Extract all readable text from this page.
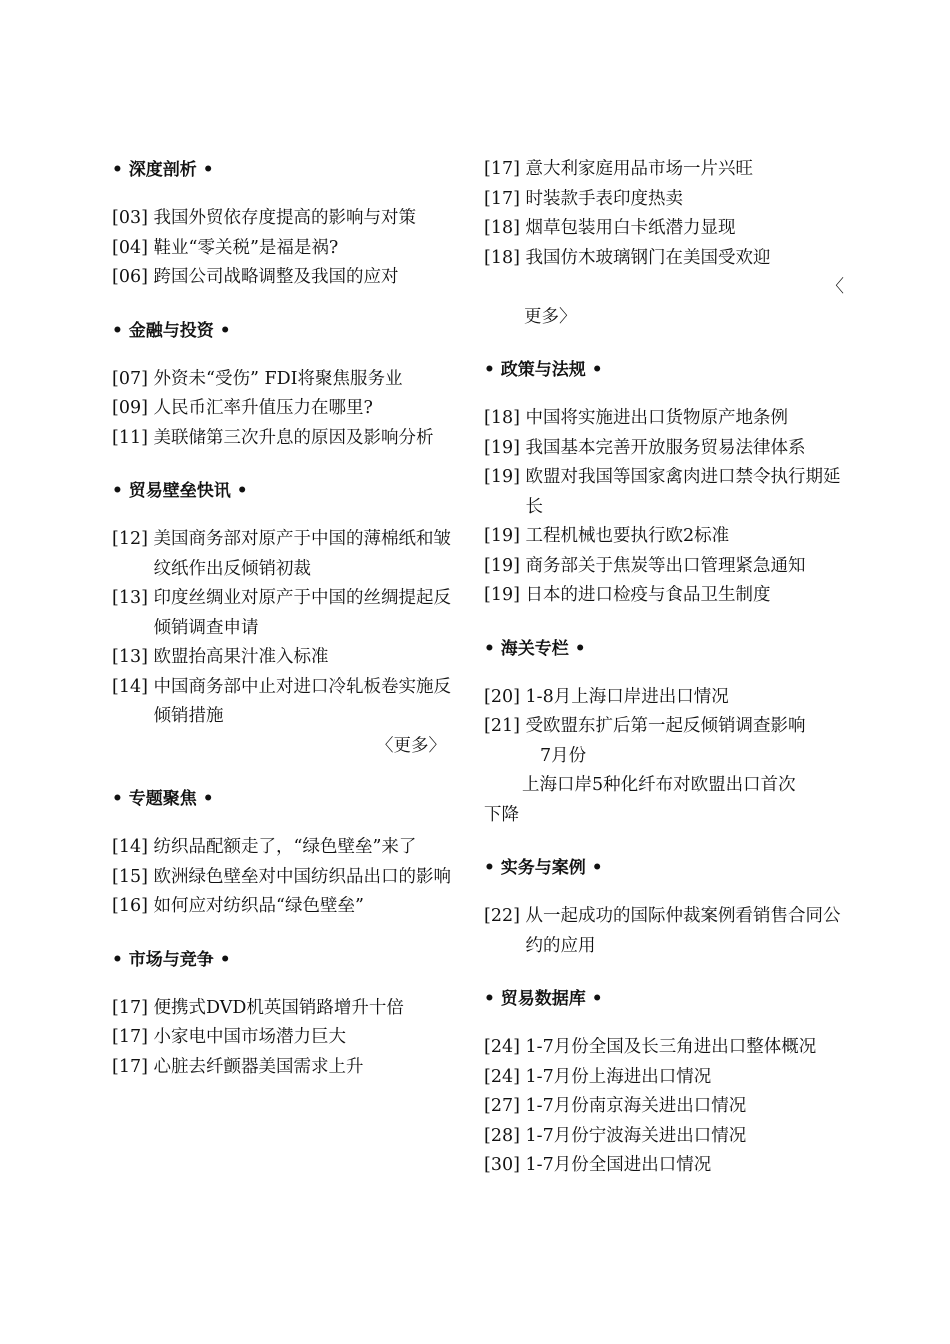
• 深度剖析 •
[03]
我国外贸依存度提高的影响与对策
[04]
鞋业“零关税”是福是祸?
[06]
跨国公司战略调整及我国的应对
• 金融与投资 •
[07]
外资未“受伤” FDI将聚焦服务业
[09]
人民币汇率升值压力在哪里?
[11]
美联储第三次升息的原因及影响分析
• 贸易壁垒快讯 •
[12]
美国商务部对原产于中国的薄棉纸和皱纹纸作出反倾销初裁
[13]
印度丝绸业对原产于中国的丝绸提起反倾销调查申请
[13]
欧盟抬高果汁准入标准
[14]
中国商务部中止对进口冷轧板卷实施反倾销措施
〈更多〉
• 专题聚焦 •
[14]
纺织品配额走了，“绿色壁垒”来了
[15]
欧洲绿色壁垒对中国纺织品出口的影响
[16]
如何应对纺织品“绿色壁垒”
• 市场与竞争 •
[17]
便携式DVD机英国销路增升十倍
[17]
小家电中国市场潜力巨大
[17]
心脏去纤颤器美国需求上升
[17]
意大利家庭用品市场一片兴旺
[17]
时装款手表印度热卖
[18]
烟草包装用白卡纸潜力显现
[18]
我国仿木玻璃钢门在美国受欢迎
〈
更多〉
• 政策与法规 •
[18]
中国将实施进出口货物原产地条例
[19]
我国基本完善开放服务贸易法律体系
[19]
欧盟对我国等国家禽肉进口禁令执行期延长
[19]
工程机械也要执行欧2标准
[19]
商务部关于焦炭等出口管理紧急通知
[19]
日本的进口检疫与食品卫生制度
• 海关专栏 •
[20]
1-8月上海口岸进出口情况
[21]
受欧盟东扩后第一起反倾销调查影响
7月份
上海口岸5种化纤布对欧盟出口首次
下降
• 实务与案例 •
[22]
从一起成功的国际仲裁案例看销售合同公约的应用
• 贸易数据库 •
[24]
1-7月份全国及长三角进出口整体概况
[24]
1-7月份上海进出口情况
[27]
1-7月份南京海关进出口情况
[28]
1-7月份宁波海关进出口情况
[30]
1-7月份全国进出口情况
